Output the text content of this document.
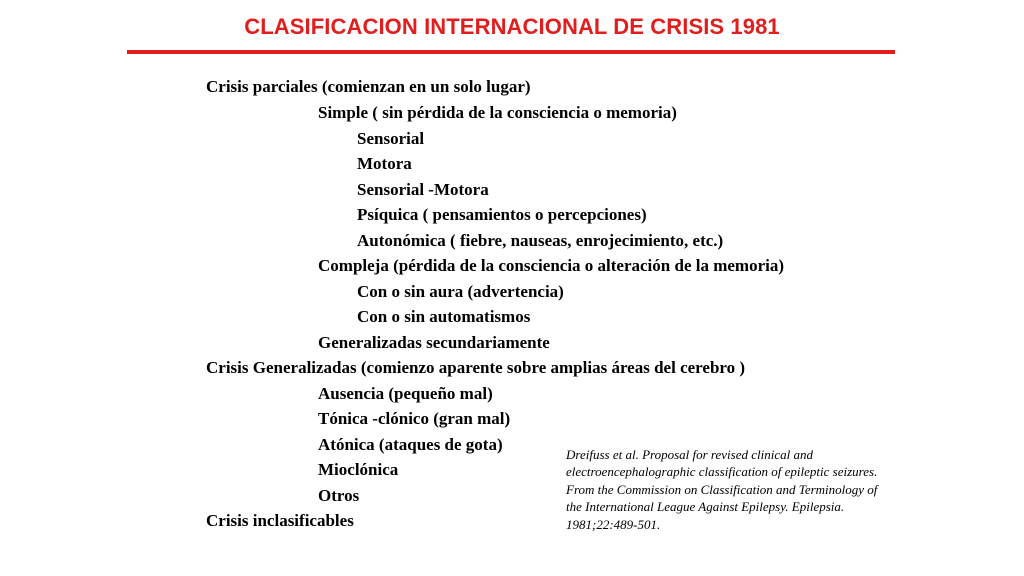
CLASIFICACION INTERNACIONAL DE CRISIS 1981
Crisis parciales (comienzan en un solo lugar)
Simple ( sin pérdida de la consciencia o memoria)
Sensorial
Motora
Sensorial -Motora
Psíquica ( pensamientos o percepciones)
Autonómica ( fiebre, nauseas, enrojecimiento, etc.)
Compleja (pérdida de la consciencia o alteración de la memoria)
Con o sin aura (advertencia)
Con o sin automatismos
Generalizadas secundariamente
Crisis Generalizadas (comienzo aparente sobre amplias áreas del cerebro )
Ausencia (pequeño mal)
Tónica -clónico (gran mal)
Atónica (ataques de gota)
Mioclónica
Otros
Crisis inclasificables
Dreifuss et al. Proposal for revised clinical and electroencephalographic classification of epileptic seizures. From the Commission on Classification and Terminology of the International League Against Epilepsy. Epilepsia. 1981;22:489-501.
